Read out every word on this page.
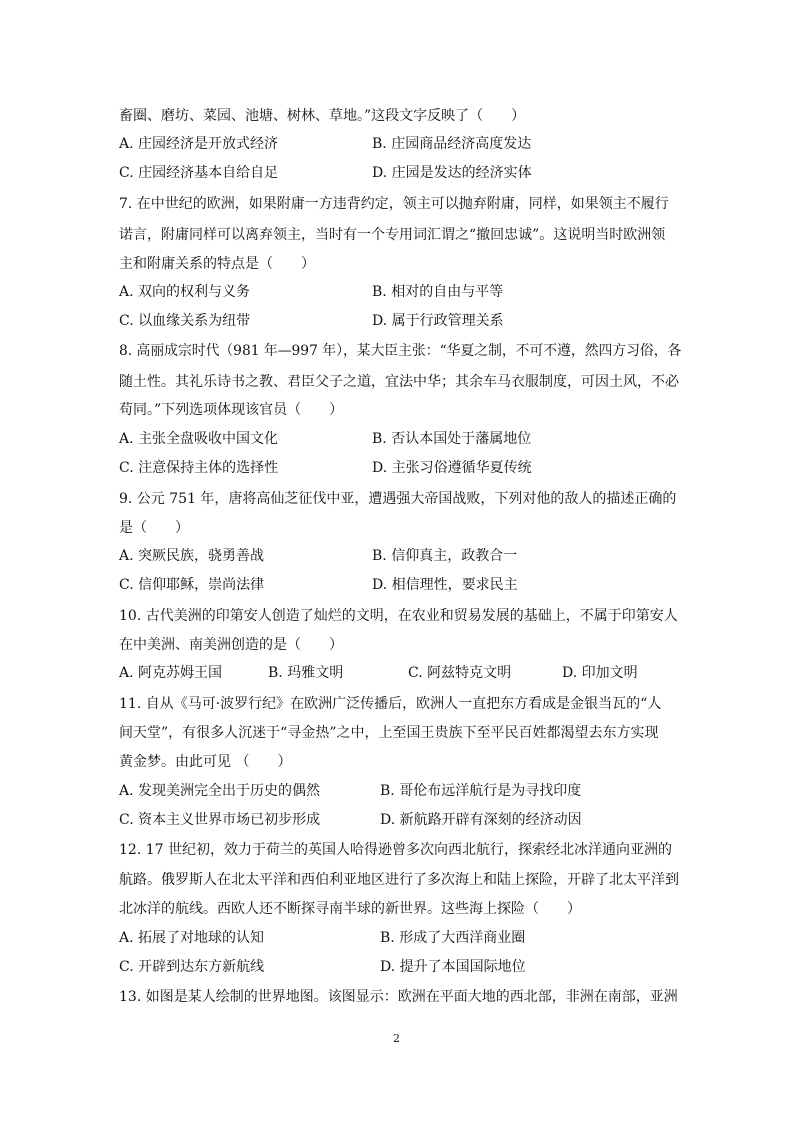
畜圈、磨坊、菜园、池塘、树林、草地。”这段文字反映了（　　）
A. 庄园经济是开放式经济	B. 庄园商品经济高度发达
C. 庄园经济基本自给自足	D. 庄园是发达的经济实体
7. 在中世纪的欧洲，如果附庸一方违背约定，领主可以抛弃附庸，同样，如果领主不履行
诺言，附庸同样可以离弃领主，当时有一个专用词汇谓之“撤回忠诚”。这说明当时欧洲领
主和附庸关系的特点是（　　）
A. 双向的权利与义务	B. 相对的自由与平等
C. 以血缘关系为纽带	D. 属于行政管理关系
8. 高丽成宗时代（981 年—997 年），某大臣主张：“华夏之制，不可不遵，然四方习俗，各
随土性。其礼乐诗书之教、君臣父子之道，宜法中华；其余车马衣服制度，可因土风，不必
苟同。”下列选项体现该官员（　　）
A. 主张全盘吸收中国文化	B. 否认本国处于藩属地位
C. 注意保持主体的选择性	D. 主张习俗遵循华夏传统
9. 公元 751 年，唐将高仙芝征伐中亚，遭遇强大帝国战败，下列对他的敌人的描述正确的
是（　　）
A. 突厥民族，骁勇善战	B. 信仰真主，政教合一
C. 信仰耶稣，崇尚法律	D. 相信理性，要求民主
10. 古代美洲的印第安人创造了灿烂的文明，在农业和贸易发展的基础上，不属于印第安人
在中美洲、南美洲创造的是（　　）
A. 阿克苏姆王国	B. 玛雅文明	C. 阿兹特克文明	D. 印加文明
11. 自从《马可·波罗行纪》在欧洲广泛传播后，欧洲人一直把东方看成是金银当瓦的“人
间天堂”，有很多人沉迷于“寻金热”之中，上至国王贵族下至平民百姓都渴望去东方实现
黄金梦。由此可见 （　　）
A. 发现美洲完全出于历史的偶然	B. 哥伦布远洋航行是为寻找印度
C. 资本主义世界市场已初步形成	D. 新航路开辟有深刻的经济动因
12. 17 世纪初，效力于荷兰的英国人哈得逊曾多次向西北航行，探索经北冰洋通向亚洲的
航路。俄罗斯人在北太平洋和西伯利亚地区进行了多次海上和陆上探险，开辟了北太平洋到
北冰洋的航线。西欧人还不断探寻南半球的新世界。这些海上探险（　　）
A. 拓展了对地球的认知	B. 形成了大西洋商业圈
C. 开辟到达东方新航线	D. 提升了本国国际地位
13. 如图是某人绘制的世界地图。该图显示：欧洲在平面大地的西北部，非洲在南部，亚洲
2
